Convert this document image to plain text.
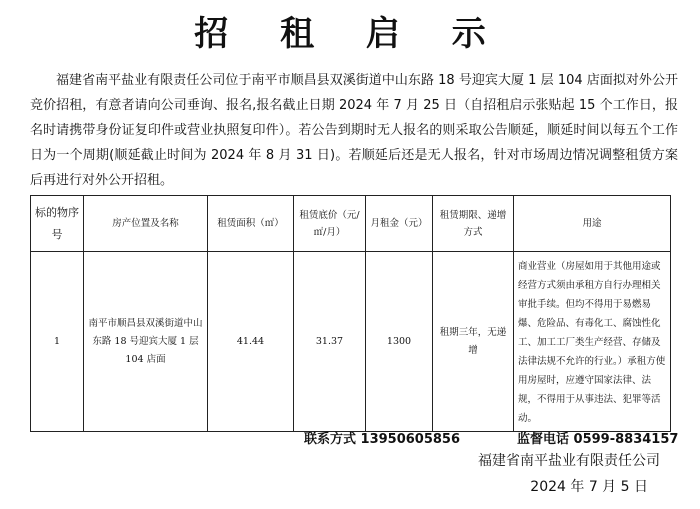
招 租 启 示
福建省南平盐业有限责任公司位于南平市顺昌县双溪街道中山东路 18 号迎宾大厦 1 层 104 店面拟对外公开竞价招租，有意者请向公司垂询、报名,报名截止日期 2024 年 7 月 25 日（自招租启示张贴起 15 个工作日，报名时请携带身份证复印件或营业执照复印件）。若公告到期时无人报名的则采取公告顺延，顺延时间以每五个工作日为一个周期(顺延截止时间为 2024 年 8 月 31 日)。若顺延后还是无人报名，针对市场周边情况调整租赁方案后再进行对外公开招租。
标的物序号	房产位置及名称	租赁面积（㎡）	租赁底价（元/㎡/月）	月租金（元）	租赁期限、递增方式	用途
1	南平市顺昌县双溪街道中山东路 18 号迎宾大厦 1 层 104 店面	41.44	31.37	1300	租期三年，无递增	商业营业（房屋如用于其他用途或经营方式须由承租方自行办理相关审批手续。但均不得用于易燃易爆、危险品、有毒化工、腐蚀性化工、加工工厂类生产经营、存储及法律法规不允许的行业。）承租方使用房屋时，应遵守国家法律、法规，不得用于从事违法、犯罪等活动。
联系方式 13950605856	监督电话 0599-8834157
福建省南平盐业有限责任公司
2024 年 7 月 5 日
